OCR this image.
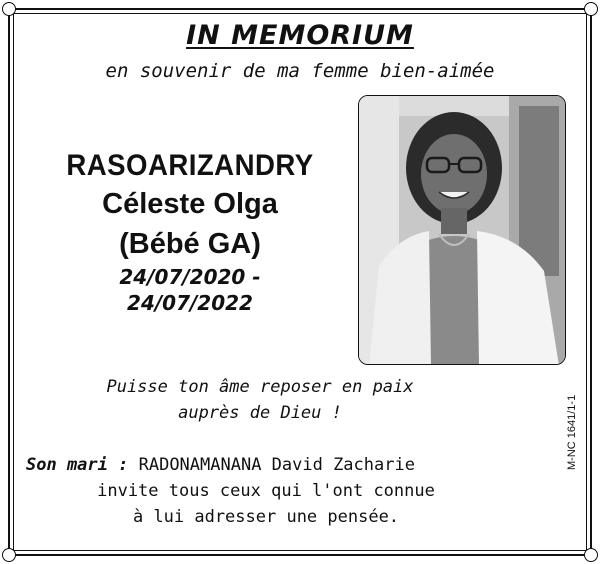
IN MEMORIUM
en souvenir de ma femme bien-aimée
RASOARIZANDRY
Céleste Olga
(Bébé GA)
24/07/2020 -
24/07/2022
Puisse ton âme reposer en paix
auprès de Dieu !
Son mari : RADONAMANANA David Zacharie
invite tous ceux qui l'ont connue
à lui adresser une pensée.
M-NC 1641/1-1
